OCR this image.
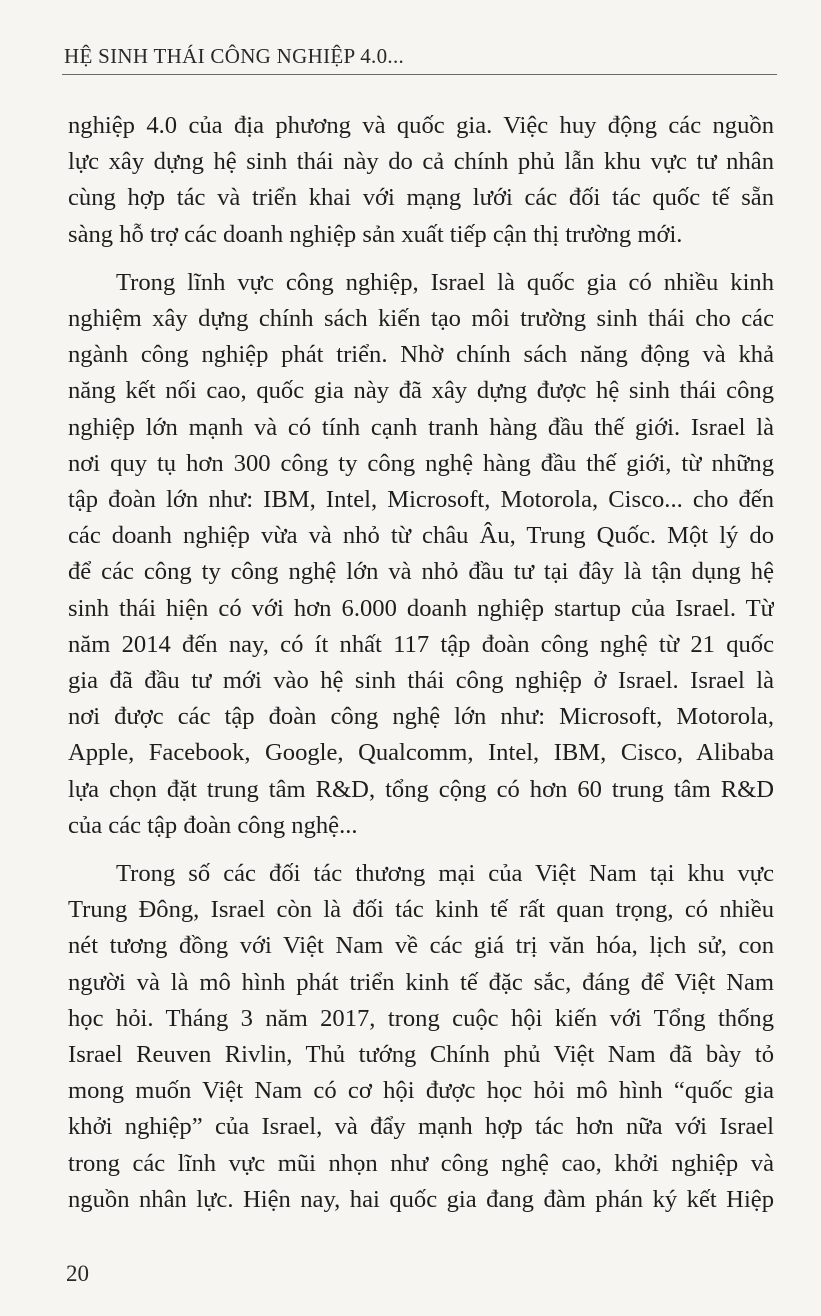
HỆ SINH THÁI CÔNG NGHIỆP 4.0...
nghiệp 4.0 của địa phương và quốc gia. Việc huy động các nguồn
lực xây dựng hệ sinh thái này do cả chính phủ lẫn khu vực tư nhân
cùng hợp tác và triển khai với mạng lưới các đối tác quốc tế sẵn
sàng hỗ trợ các doanh nghiệp sản xuất tiếp cận thị trường mới.
Trong lĩnh vực công nghiệp, Israel là quốc gia có nhiều kinh
nghiệm xây dựng chính sách kiến tạo môi trường sinh thái cho các
ngành công nghiệp phát triển. Nhờ chính sách năng động và khả
năng kết nối cao, quốc gia này đã xây dựng được hệ sinh thái công
nghiệp lớn mạnh và có tính cạnh tranh hàng đầu thế giới. Israel là
nơi quy tụ hơn 300 công ty công nghệ hàng đầu thế giới, từ những
tập đoàn lớn như: IBM, Intel, Microsoft, Motorola, Cisco... cho đến
các doanh nghiệp vừa và nhỏ từ châu Âu, Trung Quốc. Một lý do
để các công ty công nghệ lớn và nhỏ đầu tư tại đây là tận dụng hệ
sinh thái hiện có với hơn 6.000 doanh nghiệp startup của Israel. Từ
năm 2014 đến nay, có ít nhất 117 tập đoàn công nghệ từ 21 quốc
gia đã đầu tư mới vào hệ sinh thái công nghiệp ở Israel. Israel là
nơi được các tập đoàn công nghệ lớn như: Microsoft, Motorola,
Apple, Facebook, Google, Qualcomm, Intel, IBM, Cisco, Alibaba
lựa chọn đặt trung tâm R&D, tổng cộng có hơn 60 trung tâm R&D
của các tập đoàn công nghệ...
Trong số các đối tác thương mại của Việt Nam tại khu vực
Trung Đông, Israel còn là đối tác kinh tế rất quan trọng, có nhiều
nét tương đồng với Việt Nam về các giá trị văn hóa, lịch sử, con
người và là mô hình phát triển kinh tế đặc sắc, đáng để Việt Nam
học hỏi. Tháng 3 năm 2017, trong cuộc hội kiến với Tổng thống
Israel Reuven Rivlin, Thủ tướng Chính phủ Việt Nam đã bày tỏ
mong muốn Việt Nam có cơ hội được học hỏi mô hình “quốc gia
khởi nghiệp” của Israel, và đẩy mạnh hợp tác hơn nữa với Israel
trong các lĩnh vực mũi nhọn như công nghệ cao, khởi nghiệp và
nguồn nhân lực. Hiện nay, hai quốc gia đang đàm phán ký kết Hiệp
20
